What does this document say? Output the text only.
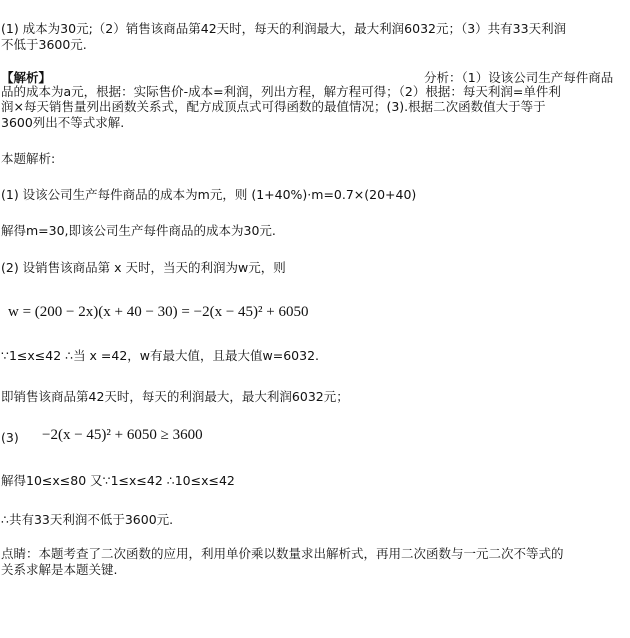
(1) 成本为30元;（2）销售该商品第42天时，每天的利润最大，最大利润6032元；（3）共有33天利润
不低于3600元.
【解析】	分析：（1）设该公司生产每件商品
品的成本为a元，根据：实际售价-成本=利润，列出方程，解方程可得；（2）根据：每天利润=单件利
润×每天销售量列出函数关系式，配方成顶点式可得函数的最值情况；(3).根据二次函数值大于等于
3600列出不等式求解.
本题解析:
(1) 设该公司生产每件商品的成本为m元，则 (1+40%)·m=0.7×(20+40)
解得m=30,即该公司生产每件商品的成本为30元.
(2) 设销售该商品第 x 天时，当天的利润为w元，则
w = (200 − 2x)(x + 40 − 30) = −2(x − 45)² + 6050
∵1≤x≤42 ∴当 x =42，w有最大值，且最大值w=6032.
即销售该商品第42天时，每天的利润最大，最大利润6032元；
(3) −2(x − 45)² + 6050 ≥ 3600
解得10≤x≤80 又∵1≤x≤42 ∴10≤x≤42
∴共有33天利润不低于3600元.
点睛：本题考查了二次函数的应用，利用单价乘以数量求出解析式，再用二次函数与一元二次不等式的
关系求解是本题关键.
